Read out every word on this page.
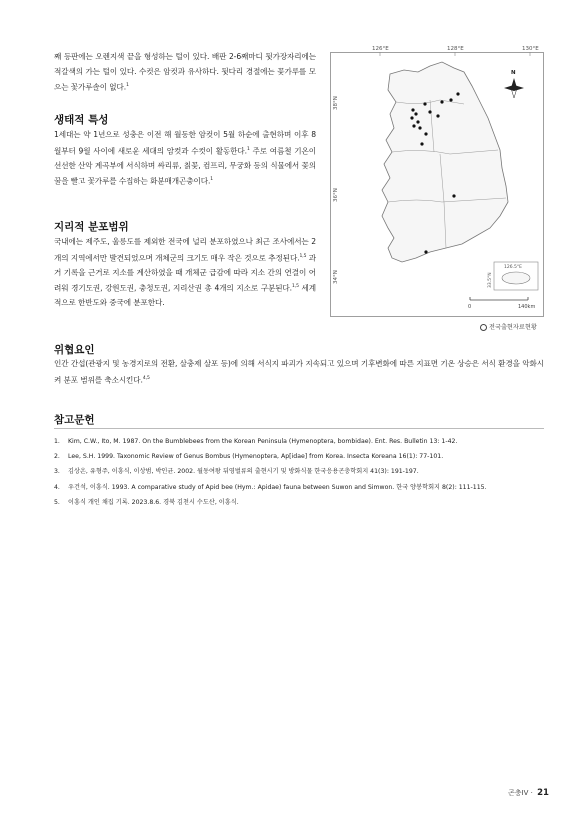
째 등판에는 오렌지색 끝을 형성하는 털이 있다. 배판 2-6째마디 뒷가장자리에는 적갈색의 가는 털이 있다. 수컷은 암컷과 유사하다. 뒷다리 경절에는 꽃가루를 모으는 꽃가루솔이 없다.$^1$

생태적 특성

1세대는 약 1년으로 성충은 이전 해 월동한 암컷이 5월 하순에 출현하며 이후 8월부터 9월 사이에 새로운 세대의 암컷과 수컷이 활동한다.$^1$ 주로 여름철 기온이 선선한 산악 계곡부에 서식하며 싸리류, 칡꽃, 컴프리, 무궁화 등의 식물에서 꽃의 꿀을 빨고 꽃가루를 수집하는 화분매개곤충이다.$^1$

지리적 분포범위

국내에는 제주도, 울릉도를 제외한 전국에 널리 분포하였으나 최근 조사에서는 2개의 지역에서만 발견되었으며 개체군의 크기도 매우 작은 것으로 추정된다.$^{1,5}$ 과거 기록을 근거로 지소를 계산하였을 때 개체군 급감에 따라 지소 간의 연결이 어려워 경기도권, 강원도권, 충청도권, 지리산권 총 4개의 지소로 구분된다.$^{1,5}$ 세계적으로 한반도와 중국에 분포한다.

126°E	128°E	130°E
38°N
36°N
34°N
N
126.5°E
33.5°N
0	140km
전국출현자료현황
위협요인

인간 간섭(관광지 및 농경지로의 전환, 살충제 살포 등)에 의해 서식지 파괴가 지속되고 있으며 기후변화에 따른 지표면 기온 상승은 서식 환경을 악화시켜 분포 범위를 축소시킨다.$^{4,5}$

참고문헌
1.	Kim, C.W., Ito, M. 1987. On the Bumblebees from the Korean Peninsula (Hymenoptera, bombidae). Ent. Res. Bulletin 13: 1-42.
2.	Lee, S.H. 1999. Taxonomic Review of Genus Bombus (Hymenoptera, Ap[idae] from Korea. Insecta Koreana 16(1): 77-101.
3.	김상온, 유형주, 이흥식, 이상범, 박인균. 2002. 월동여왕 뒤영벌류의 출현시기 및 방화식물 한국응용곤충학회지 41(3): 191-197.
4.	우건석, 이흥식. 1993. A comparative study of Apid bee (Hym.: Apidae) fauna between Suwon and Simwon. 한국 양봉학회지 8(2): 111-115.
5.	이흥식 개인 채집 기록. 2023.8.6. 경북 김천시 수도산, 이흥식.
곤충IV · 21
